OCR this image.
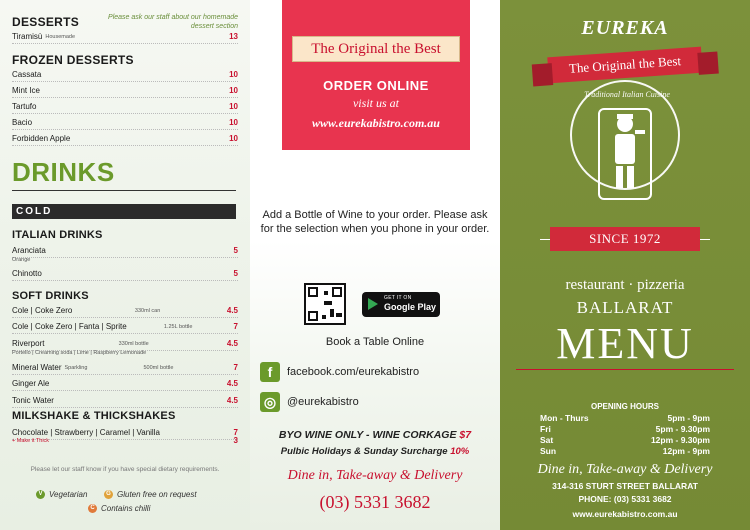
DESSERTS	Please ask our staff about our homemade dessert section
Tiramisù Housemade	13
FROZEN DESSERTS
Cassata	10
Mint Ice	10
Tartufo	10
Bacio	10
Forbidden Apple	10
DRINKS
COLD
ITALIAN DRINKS
Aranciata	5
Orange
Chinotto	5
SOFT DRINKS
Cole | Coke Zero	330ml can	4.5
Cole | Coke Zero | Fanta | Sprite	1.25L bottle	7
Riverport	330ml bottle	4.5
Portello | Creaming soda | Lime | Raspberry Lemonade
Mineral Water Sparkling	500ml bottle	7
Ginger Ale	4.5
Tonic Water	4.5
MILKSHAKE & THICKSHAKES
Chocolate | Strawberry | Caramel | Vanilla	7
+ Make it Thick	3
Please let our staff know if you have special dietary requirements.
V Vegetarian	G Gluten free on request
C Contains chilli
The Original the Best
ORDER ONLINE
visit us at
www.eurekabistro.com.au
Add a Bottle of Wine to your order. Please ask for the selection when you phone in your order.
GET IT ON
Google Play
Book a Table Online
f	facebook.com/eurekabistro
◎ @eurekabistro
BYO WINE ONLY - WINE CORKAGE $7
Pulbic Holidays & Sunday Surcharge 10%
Dine in, Take-away & Delivery
(03) 5331 3682
EUREKA
Traditional Italian Cuisine
The Original the Best
SINCE 1972
restaurant · pizzeria
BALLARAT
MENU
OPENING HOURS
Mon - Thurs	5pm - 9pm
Fri	5pm - 9.30pm
Sat	12pm - 9.30pm
Sun	12pm - 9pm
Dine in, Take-away & Delivery
314-316 STURT STREET BALLARAT
PHONE: (03) 5331 3682
www.eurekabistro.com.au
